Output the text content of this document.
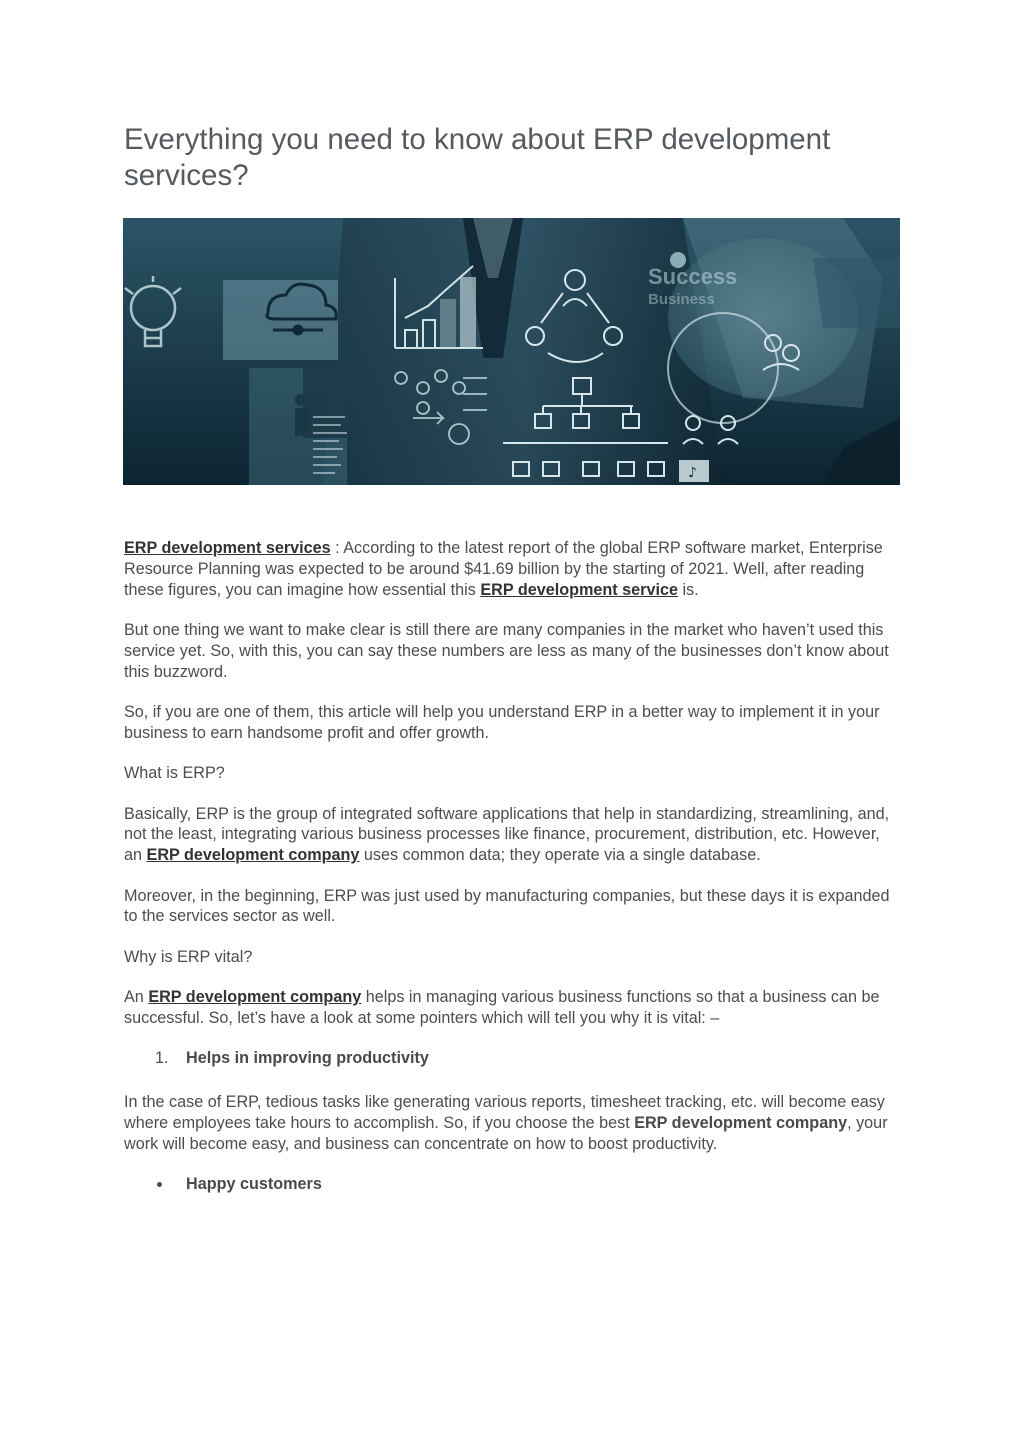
Everything you need to know about ERP development services?
Success
Business
♪

ERP development services : According to the latest report of the global ERP software market, Enterprise Resource Planning was expected to be around $41.69 billion by the starting of 2021. Well, after reading these figures, you can imagine how essential this ERP development service is.

But one thing we want to make clear is still there are many companies in the market who haven’t used this service yet. So, with this, you can say these numbers are less as many of the businesses don’t know about this buzzword.

So, if you are one of them, this article will help you understand ERP in a better way to implement it in your business to earn handsome profit and offer growth.

What is ERP?

Basically, ERP is the group of integrated software applications that help in standardizing, streamlining, and, not the least, integrating various business processes like finance, procurement, distribution, etc. However, an ERP development company uses common data; they operate via a single database.

Moreover, in the beginning, ERP was just used by manufacturing companies, but these days it is expanded to the services sector as well.

Why is ERP vital?

An ERP development company helps in managing various business functions so that a business can be successful. So, let’s have a look at some pointers which will tell you why it is vital: –

1. Helps in improving productivity

In the case of ERP, tedious tasks like generating various reports, timesheet tracking, etc. will become easy where employees take hours to accomplish. So, if you choose the best ERP development company, your work will become easy, and business can concentrate on how to boost productivity.

Happy customers
